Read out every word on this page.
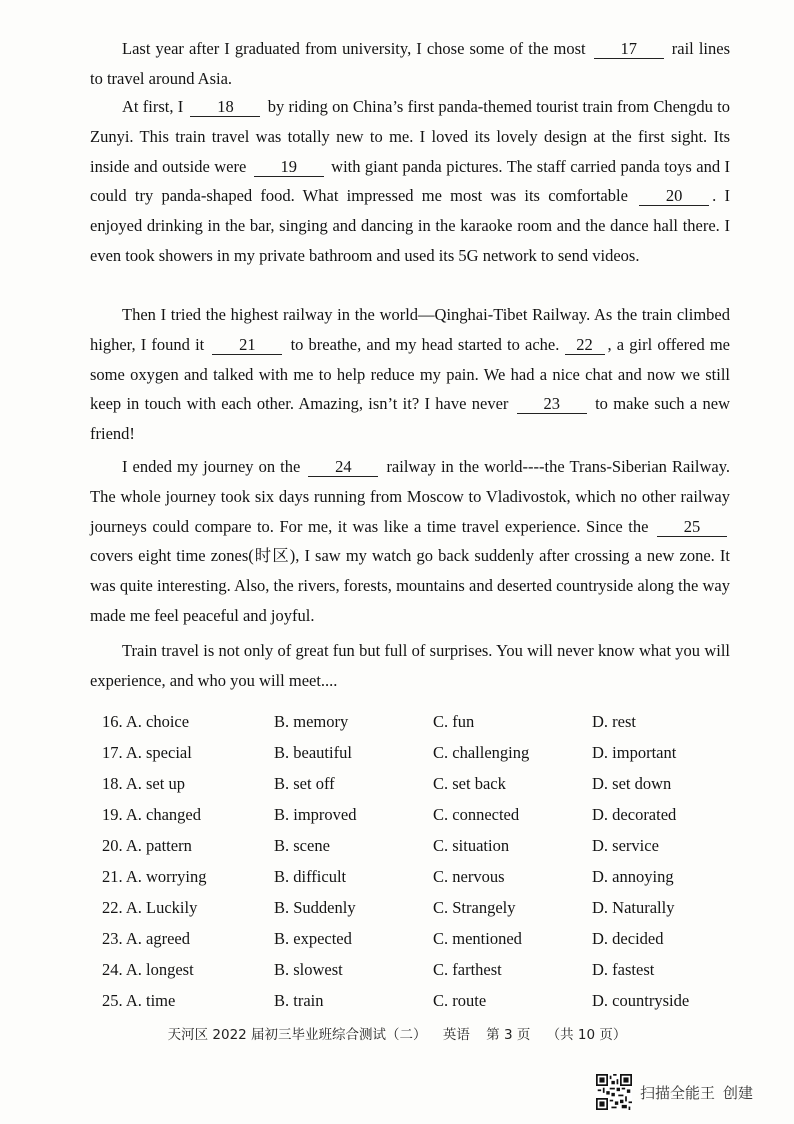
Last year after I graduated from university, I chose some of the most 17 rail lines to travel around Asia.

At first, I 18 by riding on China’s first panda-themed tourist train from Chengdu to Zunyi. This train travel was totally new to me. I loved its lovely design at the first sight. Its inside and outside were 19 with giant panda pictures. The staff carried panda toys and I could try panda-shaped food. What impressed me most was its comfortable 20 . I enjoyed drinking in the bar, singing and dancing in the karaoke room and the dance hall there. I even took showers in my private bathroom and used its 5G network to send videos.

Then I tried the highest railway in the world—Qinghai-Tibet Railway. As the train climbed higher, I found it 21 to breathe, and my head started to ache. 22 , a girl offered me some oxygen and talked with me to help reduce my pain. We had a nice chat and now we still keep in touch with each other. Amazing, isn’t it? I have never 23 to make such a new friend!

I ended my journey on the 24 railway in the world----the Trans-Siberian Railway. The whole journey took six days running from Moscow to Vladivostok, which no other railway journeys could compare to. For me, it was like a time travel experience. Since the 25 covers eight time zones(时区), I saw my watch go back suddenly after crossing a new zone. It was quite interesting. Also, the rivers, forests, mountains and deserted countryside along the way made me feel peaceful and joyful.

Train travel is not only of great fun but full of surprises. You will never know what you will experience, and who you will meet....

16. A. choice	B. memory	C. fun	D. rest
17. A. special	B. beautiful	C. challenging	D. important
18. A. set up	B. set off	C. set back	D. set down
19. A. changed	B. improved	C. connected	D. decorated
20. A. pattern	B. scene	C. situation	D. service
21. A. worrying	B. difficult	C. nervous	D. annoying
22. A. Luckily	B. Suddenly	C. Strangely	D. Naturally
23. A. agreed	B. expected	C. mentioned	D. decided
24. A. longest	B. slowest	C. farthest	D. fastest
25. A. time	B. train	C. route	D. countryside
天河区 2022 届初三毕业班综合测试（二） 英语 第 3 页 （共 10 页）
扫描全能王 创建
